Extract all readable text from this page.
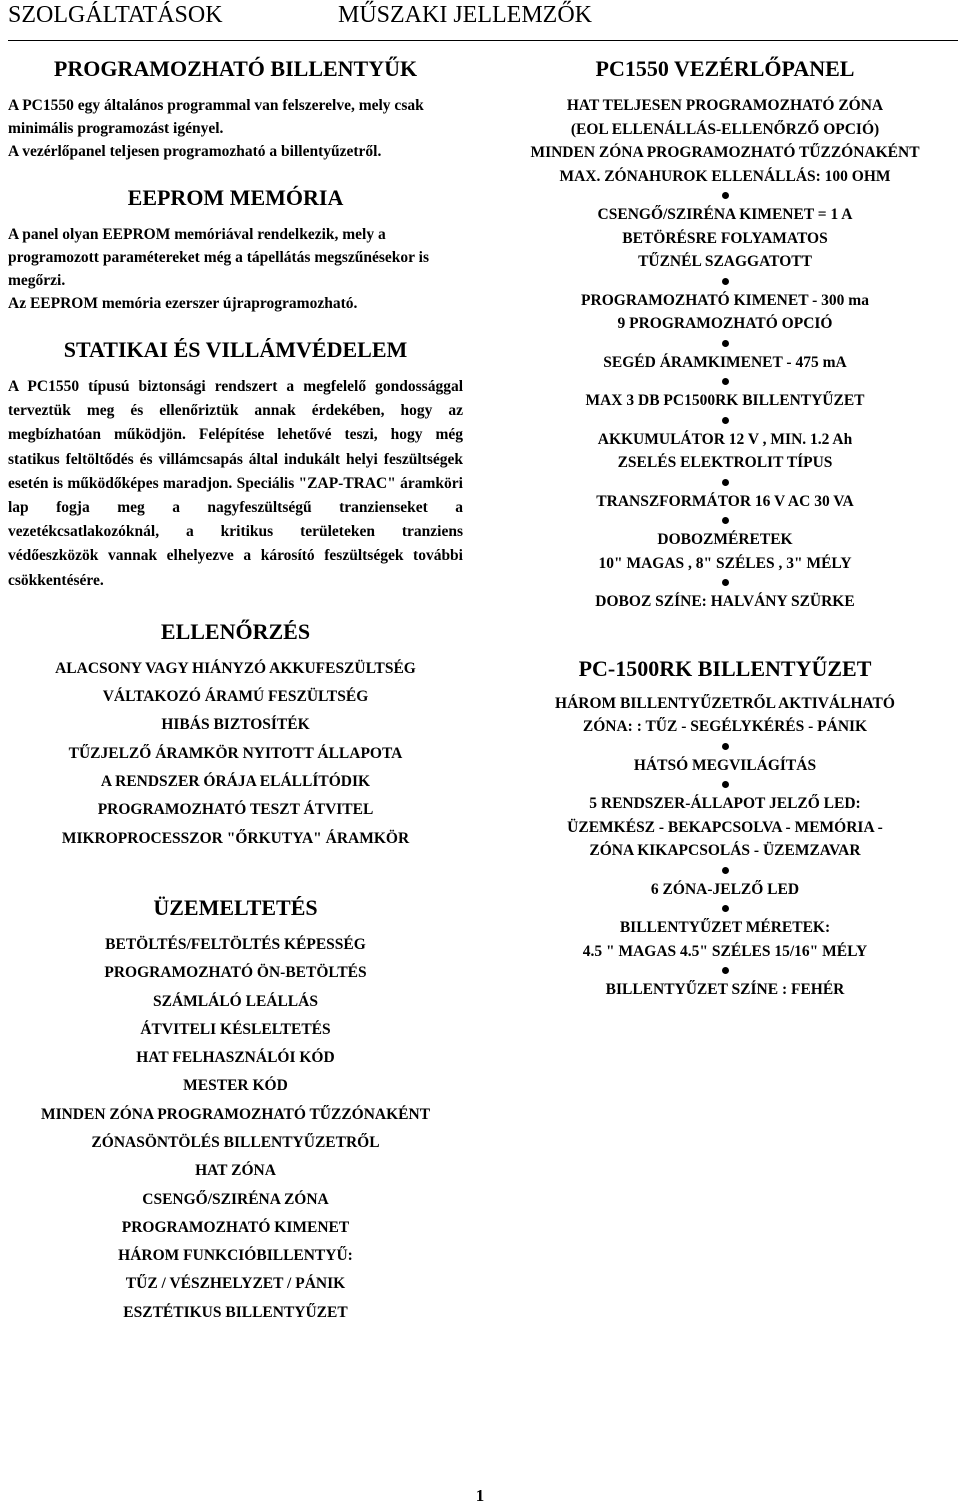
SZOLGÁLTATÁSOK	MŰSZAKI JELLEMZŐK
PROGRAMOZHATÓ BILLENTYŰK

A PC1550 egy általános programmal van felszerelve, mely csak minimális programozást igényel.

A vezérlőpanel teljesen programozható a billentyűzetről.

EEPROM MEMÓRIA

A panel olyan EEPROM memóriával rendelkezik, mely a programozott paramétereket még a tápellátás megszűnésekor is megőrzi.

Az EEPROM memória ezerszer újraprogramozható.

STATIKAI ÉS VILLÁMVÉDELEM

A PC1550 típusú biztonsági rendszert a megfelelő gondossággal terveztük meg és ellenőriztük annak érdekében, hogy az megbízhatóan működjön. Felépítése lehetővé teszi, hogy még statikus feltöltődés és villámcsapás által indukált helyi feszültségek esetén is működőképes maradjon. Speciális "ZAP-TRAC" áramköri lap fogja meg a nagyfeszültségű tranzienseket a vezetékcsatlakozóknál, a kritikus területeken tranziens védőeszközök vannak elhelyezve a károsító feszültségek további csökkentésére.

ELLENŐRZÉS
ALACSONY VAGY HIÁNYZÓ AKKUFESZÜLTSÉG
VÁLTAKOZÓ ÁRAMÚ FESZÜLTSÉG
HIBÁS BIZTOSÍTÉK
TŰZJELZŐ ÁRAMKÖR NYITOTT ÁLLAPOTA
A RENDSZER ÓRÁJA ELÁLLÍTÓDIK
PROGRAMOZHATÓ TESZT ÁTVITEL
MIKROPROCESSZOR "ŐRKUTYA" ÁRAMKÖR
ÜZEMELTETÉS
BETÖLTÉS/FELTÖLTÉS KÉPESSÉG
PROGRAMOZHATÓ ÖN-BETÖLTÉS
SZÁMLÁLÓ LEÁLLÁS
ÁTVITELI KÉSLELTETÉS
HAT FELHASZNÁLÓI KÓD
MESTER KÓD
MINDEN ZÓNA PROGRAMOZHATÓ TŰZZÓNAKÉNT
ZÓNASÖNTÖLÉS BILLENTYŰZETRŐL
HAT ZÓNA
CSENGŐ/SZIRÉNA ZÓNA
PROGRAMOZHATÓ KIMENET
HÁROM FUNKCIÓBILLENTYŰ:
TŰZ / VÉSZHELYZET / PÁNIK
ESZTÉTIKUS BILLENTYŰZET
PC1550 VEZÉRLŐPANEL
HAT TELJESEN PROGRAMOZHATÓ ZÓNA
(EOL ELLENÁLLÁS-ELLENŐRZŐ OPCIÓ)
MINDEN ZÓNA PROGRAMOZHATÓ TŰZZÓNAKÉNT
MAX. ZÓNAHUROK ELLENÁLLÁS: 100 OHM
CSENGŐ/SZIRÉNA KIMENET = 1 A
BETÖRÉSRE FOLYAMATOS
TŰZNÉL SZAGGATOTT
PROGRAMOZHATÓ KIMENET - 300 ma
9 PROGRAMOZHATÓ OPCIÓ
SEGÉD ÁRAMKIMENET - 475 mA
MAX 3 DB PC1500RK BILLENTYŰZET
AKKUMULÁTOR 12 V , MIN. 1.2 Ah
ZSELÉS ELEKTROLIT TÍPUS
TRANSZFORMÁTOR 16 V AC 30 VA
DOBOZMÉRETEK
10" MAGAS , 8" SZÉLES , 3" MÉLY
DOBOZ SZÍNE: HALVÁNY SZÜRKE
PC-1500RK BILLENTYŰZET
HÁROM BILLENTYŰZETRŐL AKTIVÁLHATÓ
ZÓNA: : TŰZ - SEGÉLYKÉRÉS - PÁNIK
HÁTSÓ MEGVILÁGÍTÁS
5 RENDSZER-ÁLLAPOT JELZŐ LED:
ÜZEMKÉSZ - BEKAPCSOLVA - MEMÓRIA -
ZÓNA KIKAPCSOLÁS - ÜZEMZAVAR
6 ZÓNA-JELZŐ LED
BILLENTYŰZET MÉRETEK:
4.5 " MAGAS 4.5" SZÉLES 15/16" MÉLY
BILLENTYŰZET SZÍNE : FEHÉR
1
